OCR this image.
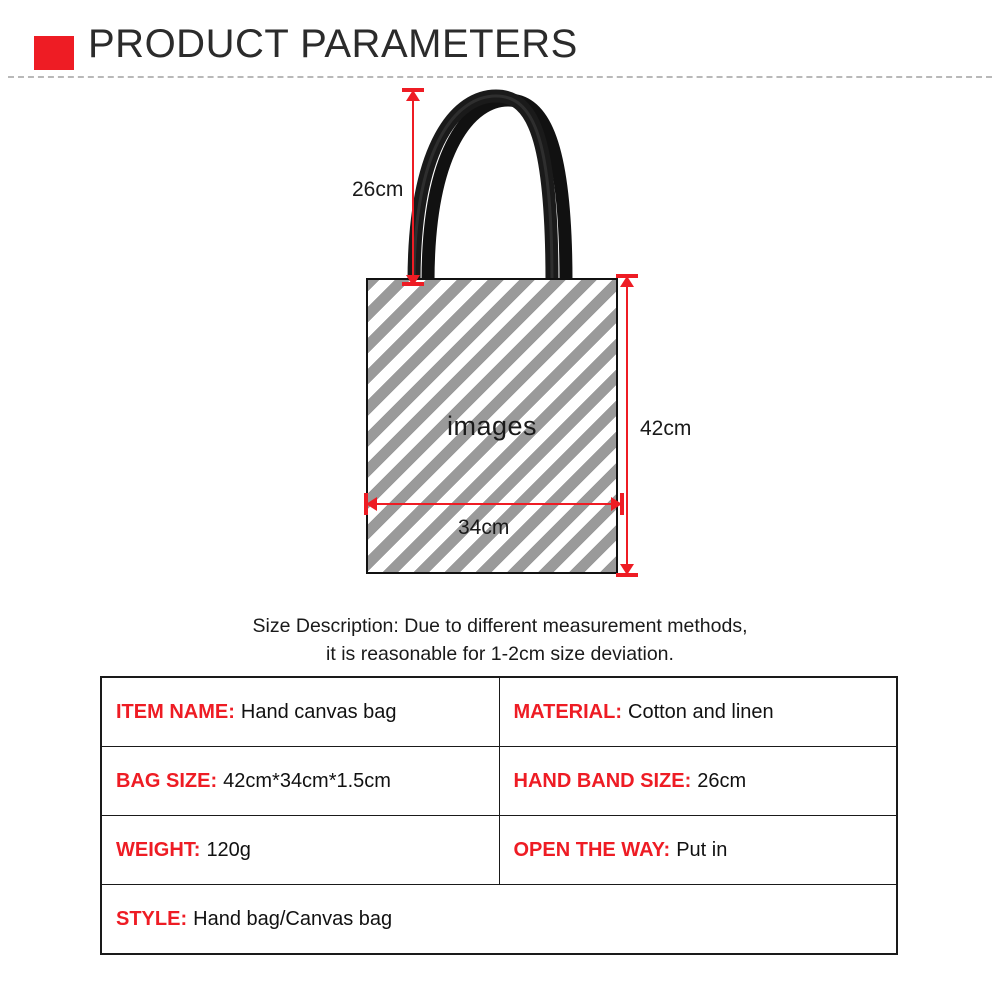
PRODUCT PARAMETERS
images
26cm
42cm
34cm
Size Description: Due to different measurement methods,
it is reasonable for 1-2cm size deviation.
ITEM NAME: Hand canvas bag	MATERIAL: Cotton and linen
BAG SIZE: 42cm*34cm*1.5cm	HAND BAND SIZE: 26cm
WEIGHT: 120g	OPEN THE WAY: Put in
STYLE: Hand bag/Canvas bag	
